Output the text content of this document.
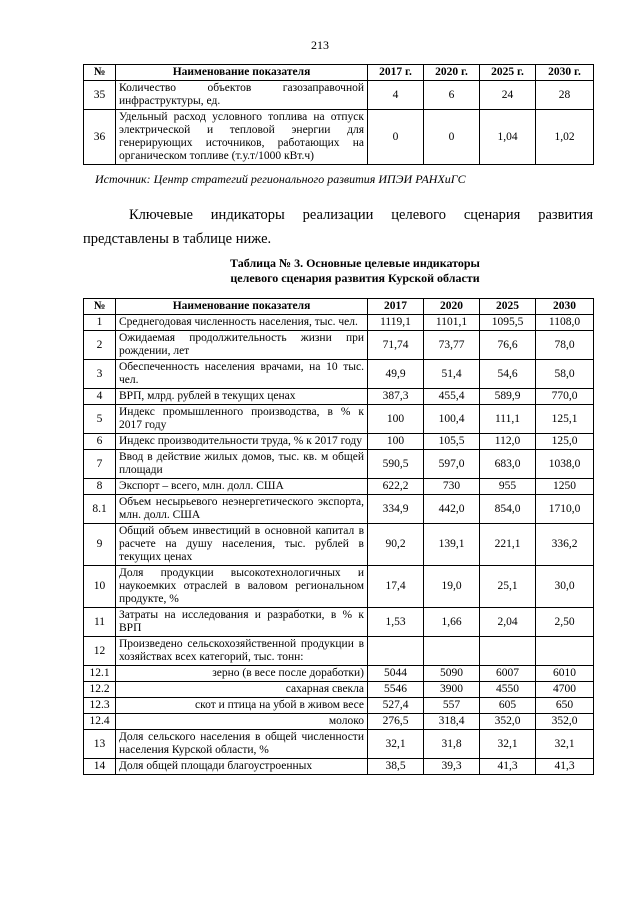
213
№	Наименование показателя	2017 г.	2020 г.	2025 г.	2030 г.
35	Количество объектов газозаправочной инфраструктуры, ед.	4	6	24	28
36	Удельный расход условного топлива на отпуск электрической и тепловой энергии для генерирующих источников, работающих на органическом топливе (т.у.т/1000 кВт.ч)	0	0	1,04	1,02
Источник: Центр стратегий регионального развития ИПЭИ РАНХиГС
Ключевые индикаторы реализации целевого сценария развития представлены в таблице ниже.
Таблица № 3. Основные целевые индикаторы
целевого сценария развития Курской области
№	Наименование показателя	2017	2020	2025	2030
1	Среднегодовая численность населения, тыс. чел.	1119,1	1101,1	1095,5	1108,0
2	Ожидаемая продолжительность жизни при рождении, лет	71,74	73,77	76,6	78,0
3	Обеспеченность населения врачами, на 10 тыс. чел.	49,9	51,4	54,6	58,0
4	ВРП, млрд. рублей в текущих ценах	387,3	455,4	589,9	770,0
5	Индекс промышленного производства, в % к 2017 году	100	100,4	111,1	125,1
6	Индекс производительности труда, % к 2017 году	100	105,5	112,0	125,0
7	Ввод в действие жилых домов, тыс. кв. м общей площади	590,5	597,0	683,0	1038,0
8	Экспорт – всего, млн. долл. США	622,2	730	955	1250
8.1	Объем несырьевого неэнергетического экспорта, млн. долл. США	334,9	442,0	854,0	1710,0
9	Общий объем инвестиций в основной капитал в расчете на душу населения, тыс. рублей в текущих ценах	90,2	139,1	221,1	336,2
10	Доля продукции высокотехнологичных и наукоемких отраслей в валовом региональном продукте, %	17,4	19,0	25,1	30,0
11	Затраты на исследования и разработки, в % к ВРП	1,53	1,66	2,04	2,50
12	Произведено сельскохозяйственной продукции в хозяйствах всех категорий, тыс. тонн:				
12.1	зерно (в весе после доработки)	5044	5090	6007	6010
12.2	сахарная свекла	5546	3900	4550	4700
12.3	скот и птица на убой в живом весе	527,4	557	605	650
12.4	молоко	276,5	318,4	352,0	352,0
13	Доля сельского населения в общей численности населения Курской области, %	32,1	31,8	32,1	32,1
14	Доля общей площади благоустроенных	38,5	39,3	41,3	41,3
